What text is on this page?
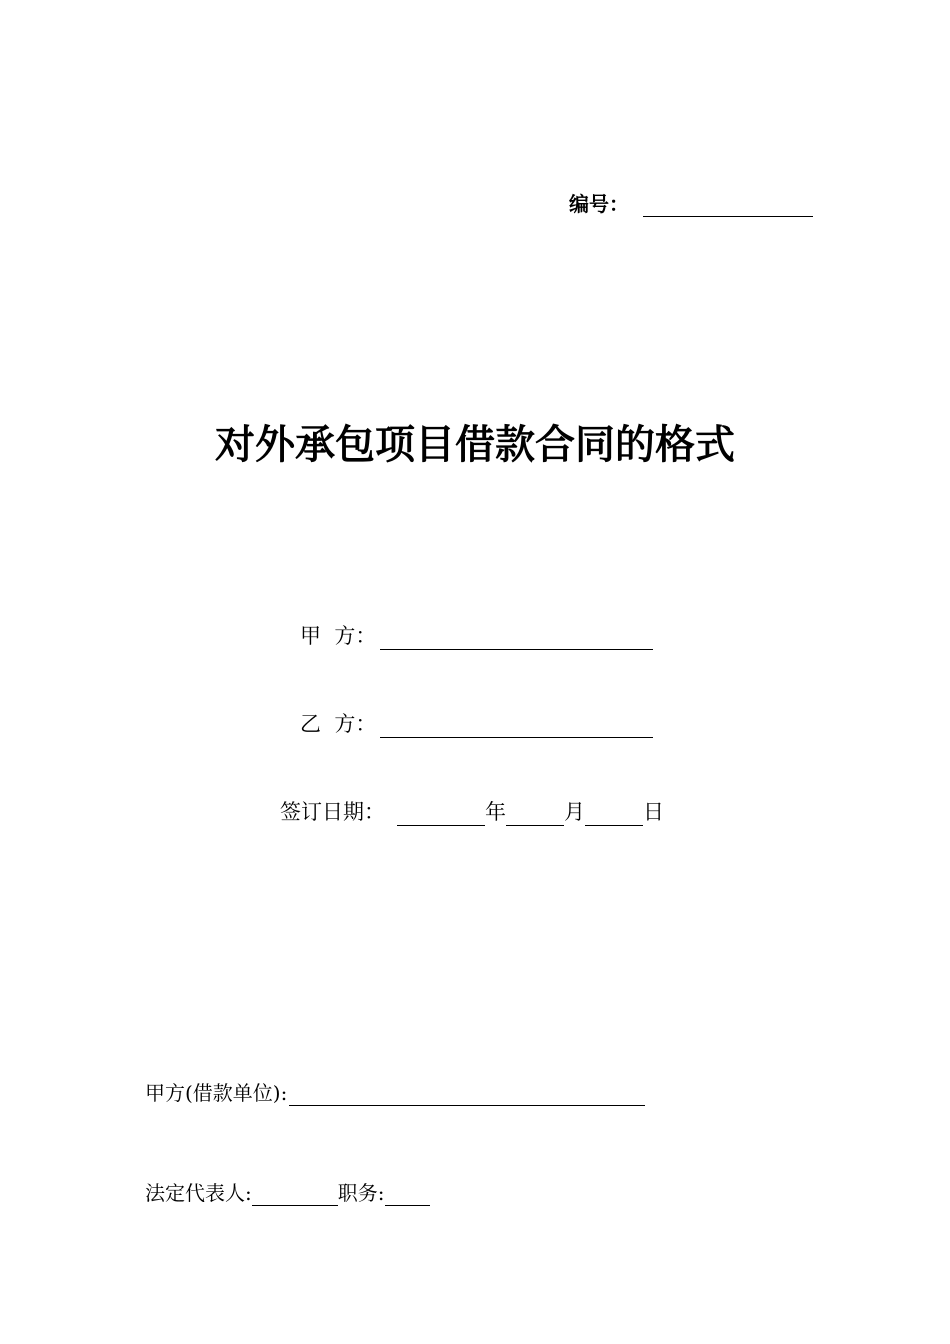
编号：
对外承包项目借款合同的格式
甲  方：
乙  方：
签订日期：	年	月	日
甲方(借款单位):
法定代表人:	职务:
